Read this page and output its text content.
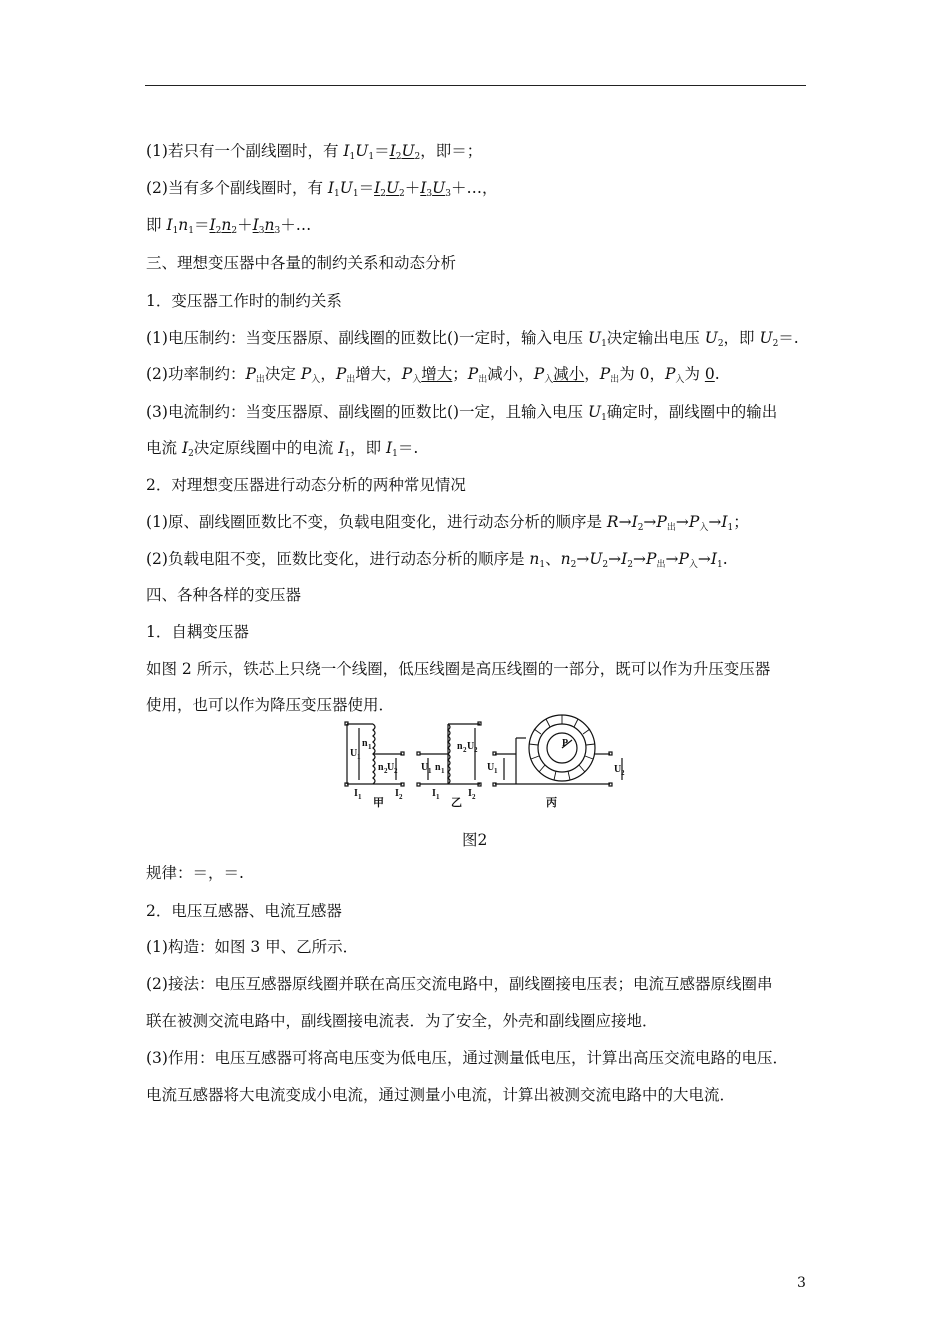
(1)若只有一个副线圈时，有 $I_1U_1=I_2U_2$，即＝；
(2)当有多个副线圈时，有 $I_1U_1=I_2U_2+I_3U_3+\dots$，
即 $I_1n_1=I_2n_2+I_3n_3+\dots$
三、理想变压器中各量的制约关系和动态分析
1．变压器工作时的制约关系
(1)电压制约：当变压器原、副线圈的匝数比()一定时，输入电压 $U_1$决定输出电压 $U_2$，即 $U_2=$.
(2)功率制约：$P_出$决定 $P_入$，$P_出$增大，$P_入$增大；$P_出$减小，$P_入$减小，$P_出$为 0，$P_入$为 0.
(3)电流制约：当变压器原、副线圈的匝数比()一定，且输入电压 $U_1$确定时，副线圈中的输出
电流 $I_2$决定原线圈中的电流 $I_1$，即 $I_1=$.
2．对理想变压器进行动态分析的两种常见情况
(1)原、副线圈匝数比不变，负载电阻变化，进行动态分析的顺序是 $R\to I_2\to P_出\to P_入\to I_1$；
(2)负载电阻不变，匝数比变化，进行动态分析的顺序是 $n_1$、$n_2\to U_2\to I_2\to P_出\to P_入\to I_1$.
四、各种各样的变压器
1．自耦变压器
如图 2 所示，铁芯上只绕一个线圈，低压线圈是高压线圈的一部分，既可以作为升压变压器
使用，也可以作为降压变压器使用．
U 1
n 1
n 2 U 2
I 1	I 2
U 1 n 1
n 2 U 2
I 1	I 2
U 1
P
U 2
甲	乙	丙
图2
规律：＝，＝.
2．电压互感器、电流互感器
(1)构造：如图 3 甲、乙所示．
(2)接法：电压互感器原线圈并联在高压交流电路中，副线圈接电压表；电流互感器原线圈串
联在被测交流电路中，副线圈接电流表．为了安全，外壳和副线圈应接地．
(3)作用：电压互感器可将高电压变为低电压，通过测量低电压，计算出高压交流电路的电压．
电流互感器将大电流变成小电流，通过测量小电流，计算出被测交流电路中的大电流．
3
